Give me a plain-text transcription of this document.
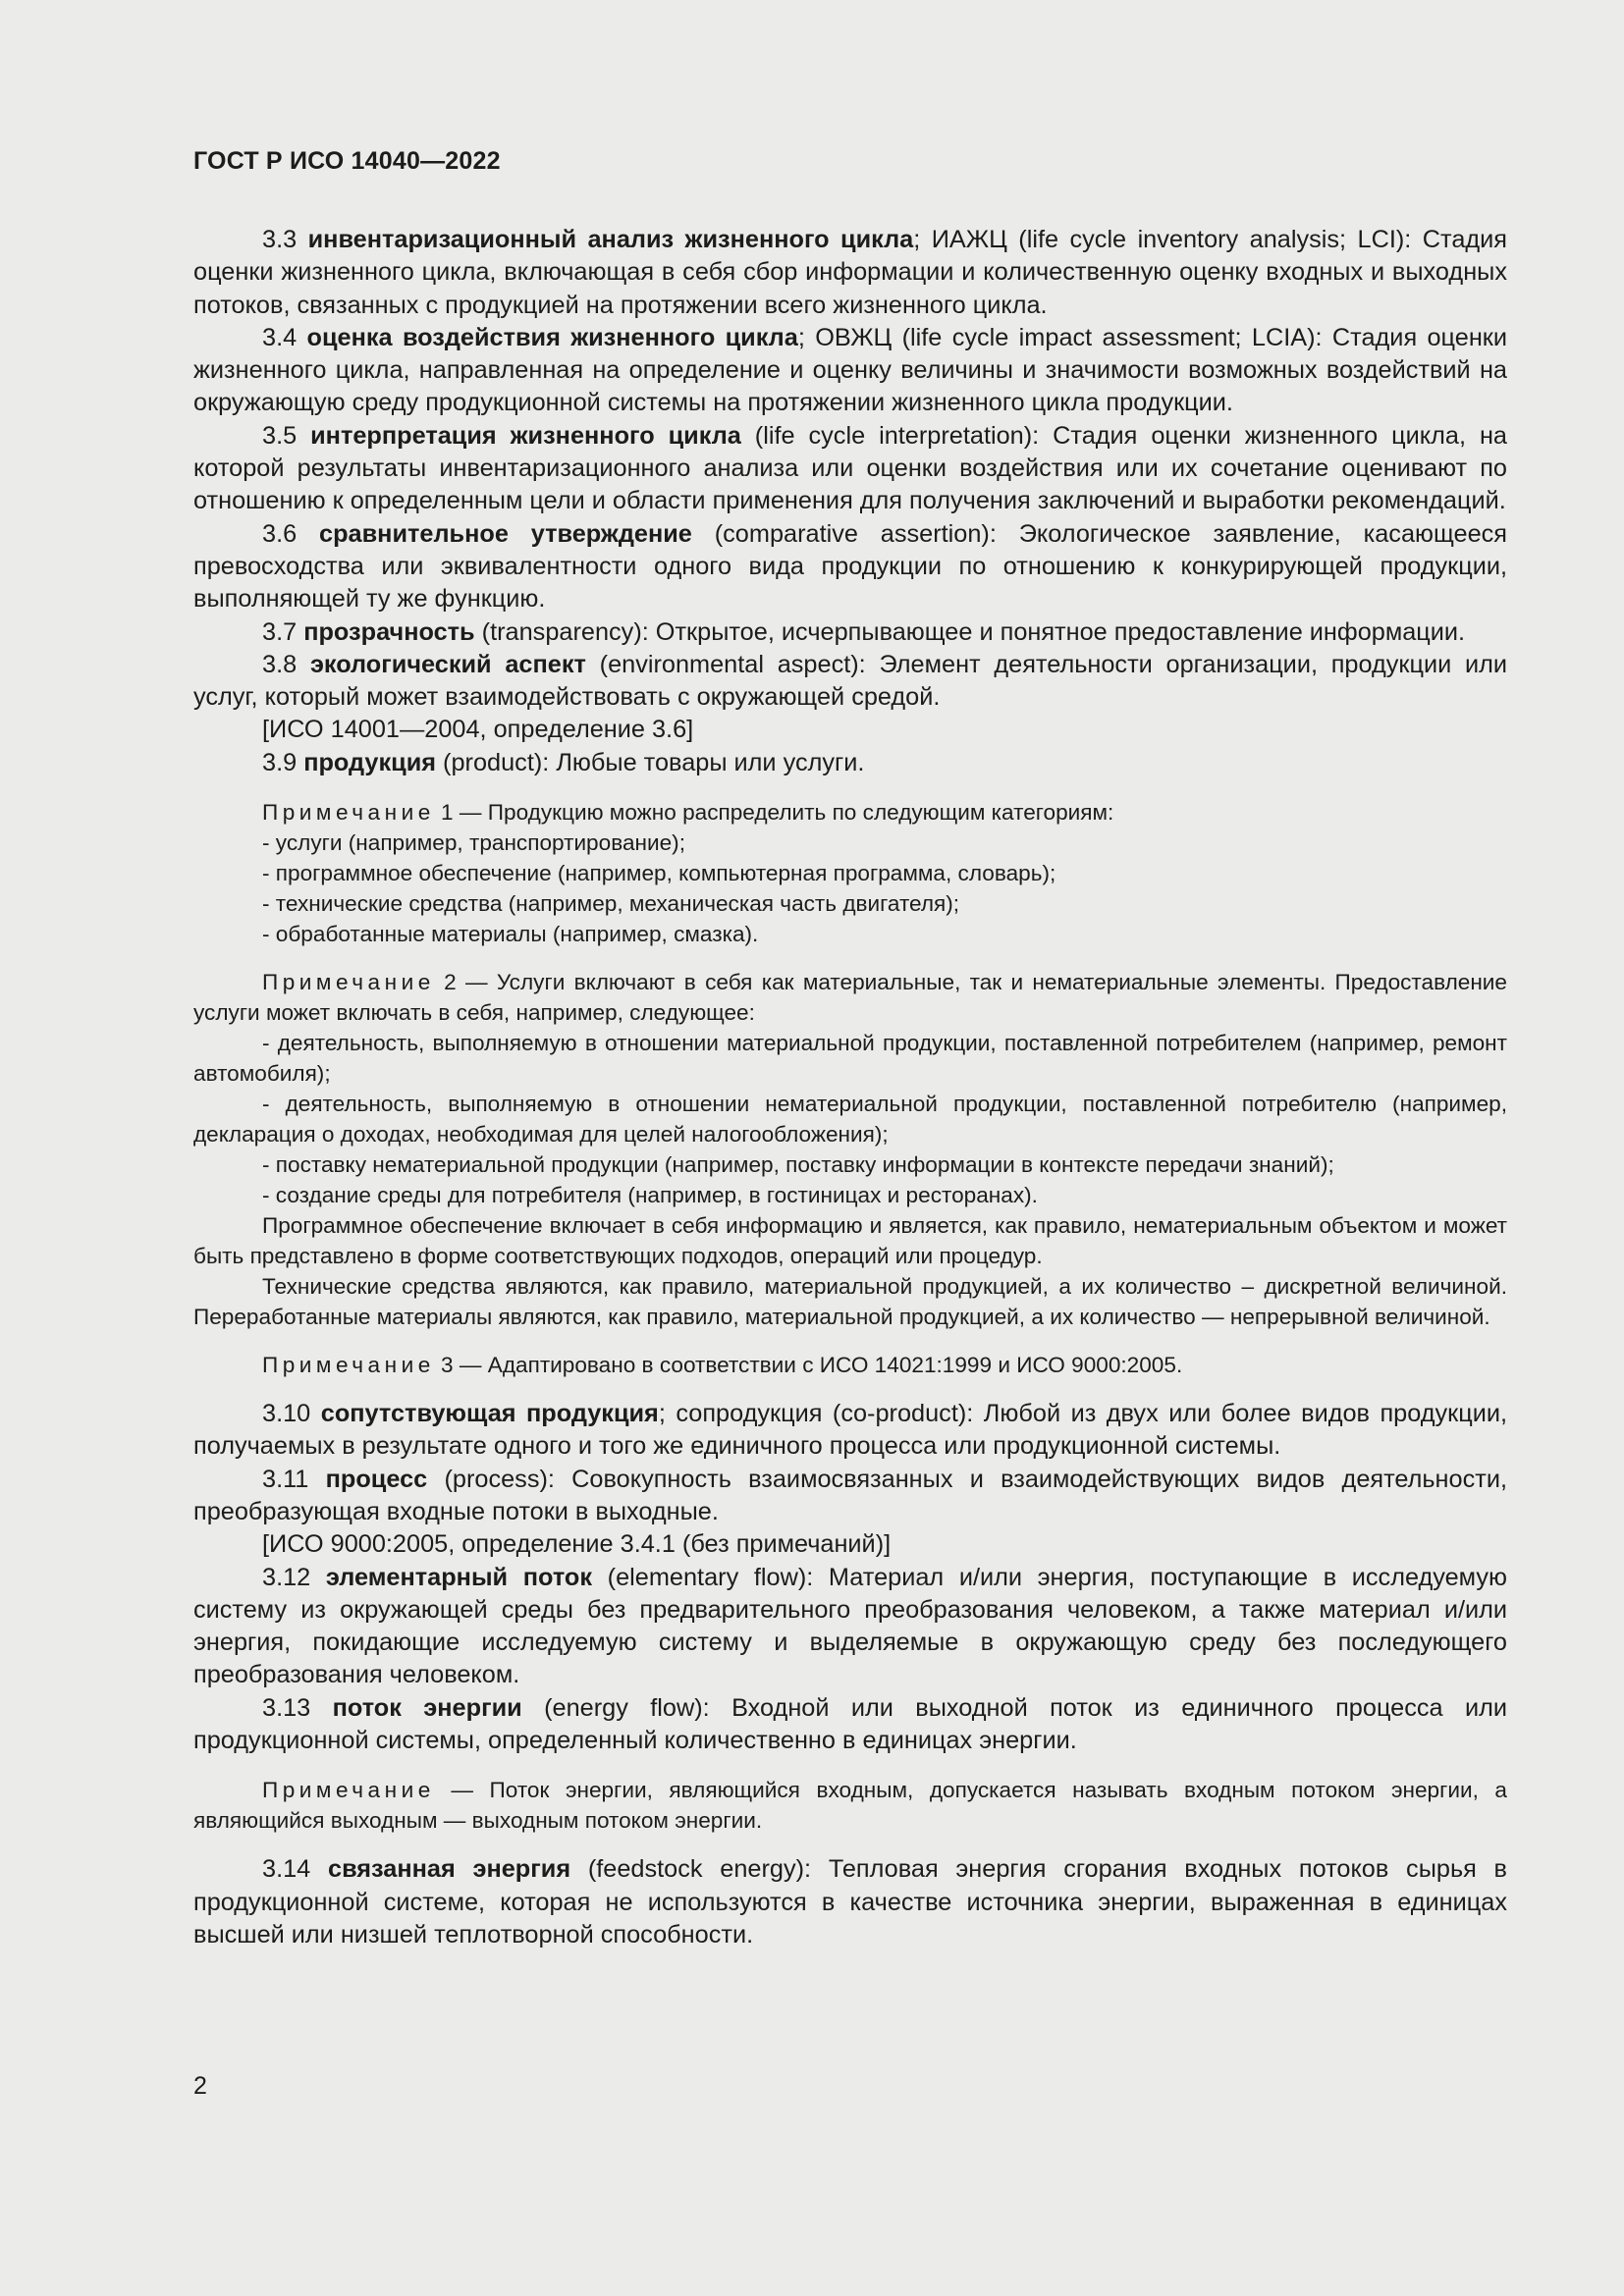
ГОСТ Р ИСО 14040—2022

3.3 инвентаризационный анализ жизненного цикла; ИАЖЦ (life cycle inventory analysis; LCI): Стадия оценки жизненного цикла, включающая в себя сбор информации и количественную оценку входных и выходных потоков, связанных с продукцией на протяжении всего жизненного цикла.

3.4 оценка воздействия жизненного цикла; ОВЖЦ (life cycle impact assessment; LCIA): Стадия оценки жизненного цикла, направленная на определение и оценку величины и значимости возможных воздействий на окружающую среду продукционной системы на протяжении жизненного цикла продукции.

3.5 интерпретация жизненного цикла (life cycle interpretation): Стадия оценки жизненного цикла, на которой результаты инвентаризационного анализа или оценки воздействия или их сочетание оценивают по отношению к определенным цели и области применения для получения заключений и выработки рекомендаций.

3.6 сравнительное утверждение (comparative assertion): Экологическое заявление, касающееся превосходства или эквивалентности одного вида продукции по отношению к конкурирующей продукции, выполняющей ту же функцию.

3.7 прозрачность (transparency): Открытое, исчерпывающее и понятное предоставление информации.

3.8 экологический аспект (environmental aspect): Элемент деятельности организации, продукции или услуг, который может взаимодействовать с окружающей средой.

[ИСО 14001—2004, определение 3.6]

3.9 продукция (product): Любые товары или услуги.

Примечание 1 — Продукцию можно распределить по следующим категориям:

- услуги (например, транспортирование);

- программное обеспечение (например, компьютерная программа, словарь);

- технические средства (например, механическая часть двигателя);

- обработанные материалы (например, смазка).

Примечание 2 — Услуги включают в себя как материальные, так и нематериальные элементы. Предоставление услуги может включать в себя, например, следующее:

- деятельность, выполняемую в отношении материальной продукции, поставленной потребителем (например, ремонт автомобиля);

- деятельность, выполняемую в отношении нематериальной продукции, поставленной потребителю (например, декларация о доходах, необходимая для целей налогообложения);

- поставку нематериальной продукции (например, поставку информации в контексте передачи знаний);

- создание среды для потребителя (например, в гостиницах и ресторанах).

Программное обеспечение включает в себя информацию и является, как правило, нематериальным объектом и может быть представлено в форме соответствующих подходов, операций или процедур.

Технические средства являются, как правило, материальной продукцией, а их количество – дискретной величиной. Переработанные материалы являются, как правило, материальной продукцией, а их количество — непрерывной величиной.

Примечание 3 — Адаптировано в соответствии с ИСО 14021:1999 и ИСО 9000:2005.

3.10 сопутствующая продукция; сопродукция (co-product): Любой из двух или более видов продукции, получаемых в результате одного и того же единичного процесса или продукционной системы.

3.11 процесс (process): Совокупность взаимосвязанных и взаимодействующих видов деятельности, преобразующая входные потоки в выходные.

[ИСО 9000:2005, определение 3.4.1 (без примечаний)]

3.12 элементарный поток (elementary flow): Материал и/или энергия, поступающие в исследуемую систему из окружающей среды без предварительного преобразования человеком, а также материал и/или энергия, покидающие исследуемую систему и выделяемые в окружающую среду без последующего преобразования человеком.

3.13 поток энергии (energy flow): Входной или выходной поток из единичного процесса или продукционной системы, определенный количественно в единицах энергии.

Примечание — Поток энергии, являющийся входным, допускается называть входным потоком энергии, а являющийся выходным — выходным потоком энергии.

3.14 связанная энергия (feedstock energy): Тепловая энергия сгорания входных потоков сырья в продукционной системе, которая не используются в качестве источника энергии, выраженная в единицах высшей или низшей теплотворной способности.

2
